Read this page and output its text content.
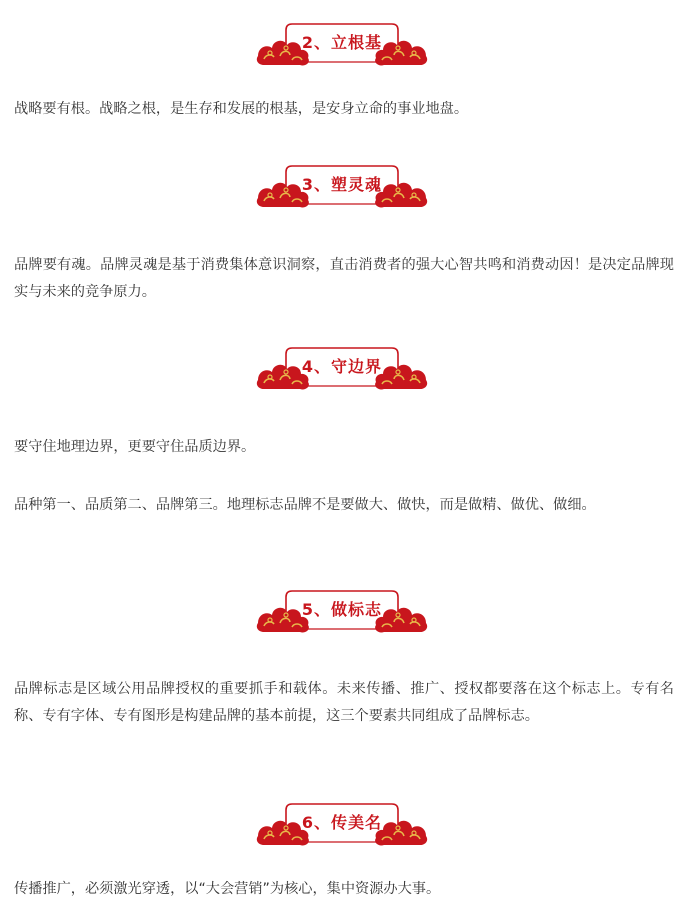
2、立根基

战略要有根。战略之根，是生存和发展的根基，是安身立命的事业地盘。

3、塑灵魂

品牌要有魂。品牌灵魂是基于消费集体意识洞察，直击消费者的强大心智共鸣和消费动因！是决定品牌现实与未来的竞争原力。

4、守边界

要守住地理边界，更要守住品质边界。

品种第一、品质第二、品牌第三。地理标志品牌不是要做大、做快，而是做精、做优、做细。

5、做标志

品牌标志是区域公用品牌授权的重要抓手和载体。未来传播、推广、授权都要落在这个标志上。专有名称、专有字体、专有图形是构建品牌的基本前提，这三个要素共同组成了品牌标志。

6、传美名

传播推广，必须激光穿透，以“大会营销”为核心，集中资源办大事。
